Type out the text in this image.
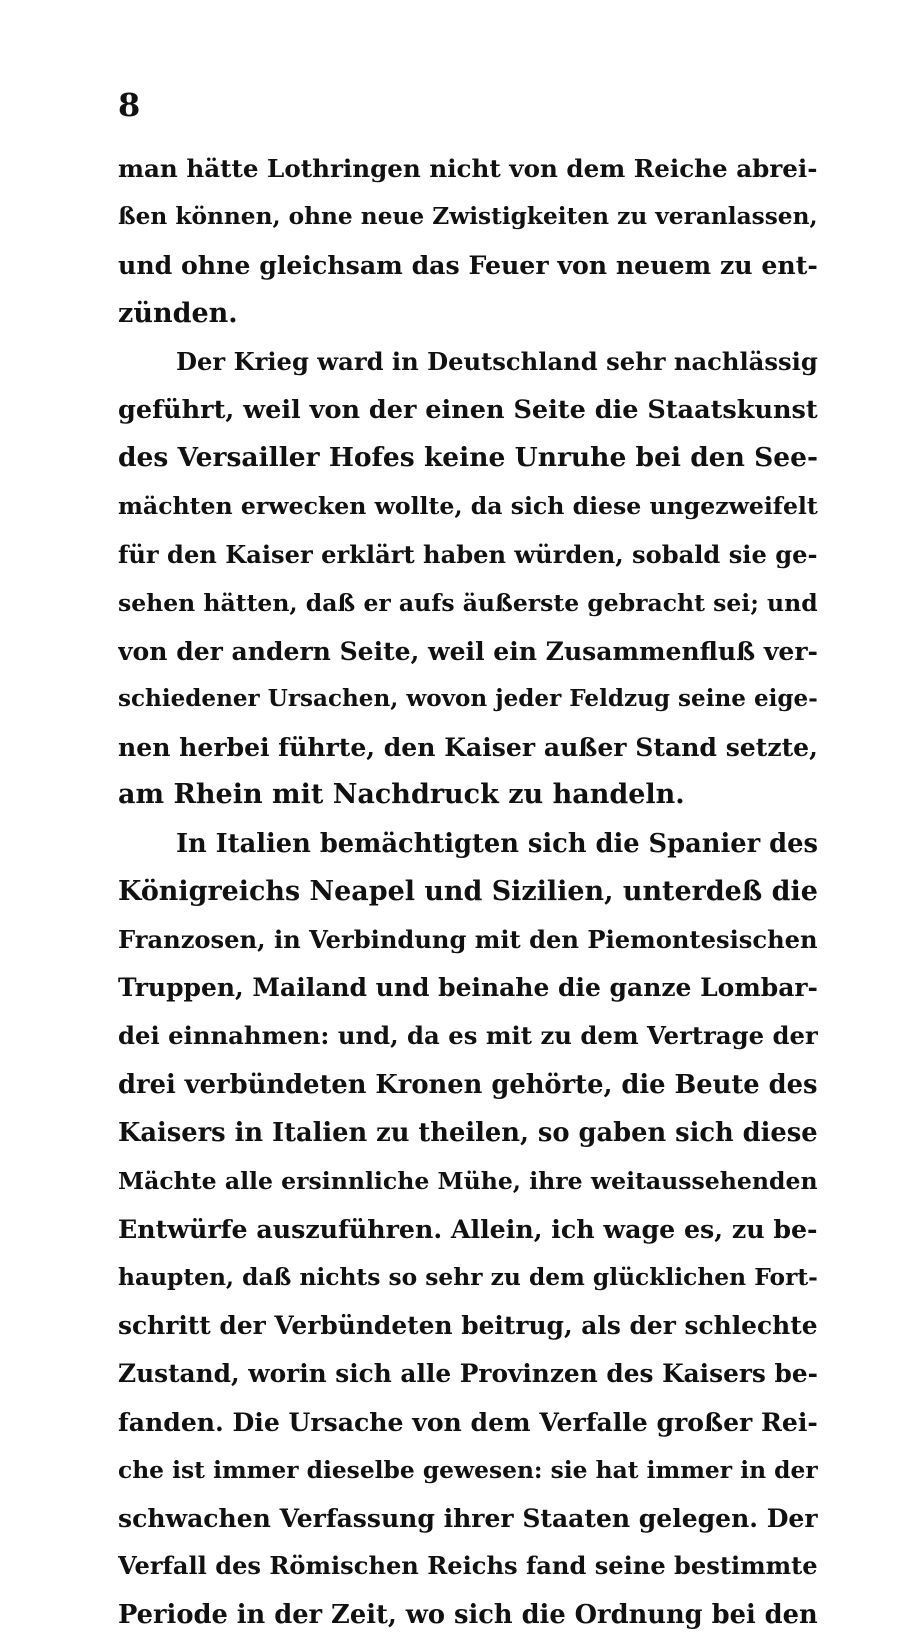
8
man hätte Lothringen nicht von dem Reiche abrei-
ßen können, ohne neue Zwistigkeiten zu veranlassen,
und ohne gleichsam das Feuer von neuem zu ent-
zünden.
Der Krieg ward in Deutschland sehr nachlässig
geführt, weil von der einen Seite die Staatskunst
des Versailler Hofes keine Unruhe bei den See-
mächten erwecken wollte, da sich diese ungezweifelt
für den Kaiser erklärt haben würden, sobald sie ge-
sehen hätten, daß er aufs äußerste gebracht sei; und
von der andern Seite, weil ein Zusammenfluß ver-
schiedener Ursachen, wovon jeder Feldzug seine eige-
nen herbei führte, den Kaiser außer Stand setzte,
am Rhein mit Nachdruck zu handeln.
In Italien bemächtigten sich die Spanier des
Königreichs Neapel und Sizilien, unterdeß die
Franzosen, in Verbindung mit den Piemontesischen
Truppen, Mailand und beinahe die ganze Lombar-
dei einnahmen: und, da es mit zu dem Vertrage der
drei verbündeten Kronen gehörte, die Beute des
Kaisers in Italien zu theilen, so gaben sich diese
Mächte alle ersinnliche Mühe, ihre weitaussehenden
Entwürfe auszuführen. Allein, ich wage es, zu be-
haupten, daß nichts so sehr zu dem glücklichen Fort-
schritt der Verbündeten beitrug, als der schlechte
Zustand, worin sich alle Provinzen des Kaisers be-
fanden. Die Ursache von dem Verfalle großer Rei-
che ist immer dieselbe gewesen: sie hat immer in der
schwachen Verfassung ihrer Staaten gelegen. Der
Verfall des Römischen Reichs fand seine bestimmte
Periode in der Zeit, wo sich die Ordnung bei den
